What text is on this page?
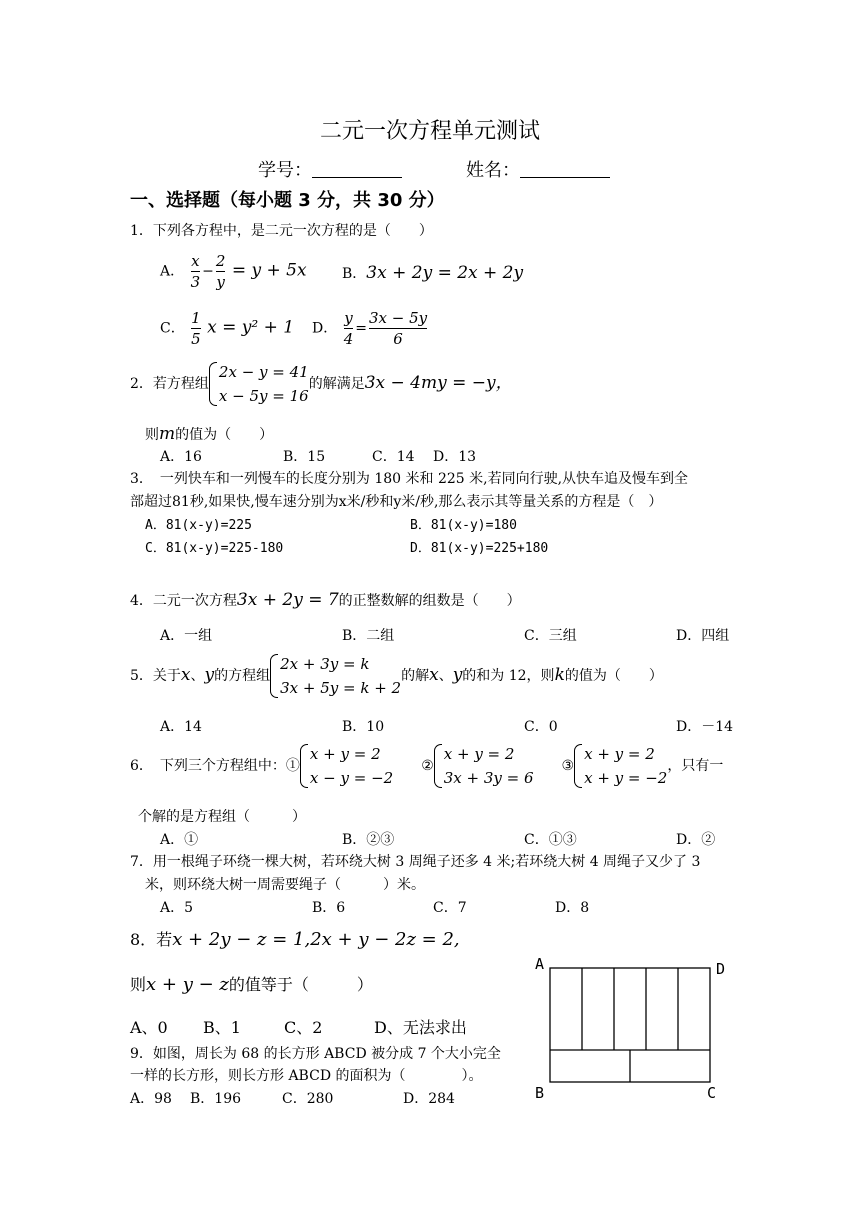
二元一次方程单元测试
学号：	姓名：
一、选择题（每小题 3 分，共 30 分）
1．下列各方程中，是二元一次方程的是（　　）
A． $\frac{x}{3} - \frac{2}{y} = y + 5x$	B．3x + 2y = 2x + 2y
C． $\frac{1}{5}$ x = y² + 1 D． $\frac{y}{4} = \frac{3x - 5y}{6}$
2．若方程组
2x − y = 41
x − 5y = 16
的解满足3x − 4my = −y，
则m的值为（　　）
A．16	B．15	C．14 D．13
3．　一列快车和一列慢车的长度分别为 180 米和 225 米,若同向行驶,从快车追及慢车到全
部超过81秒,如果快,慢车速分别为x米/秒和y米/秒,那么表示其等量关系的方程是（　）
A．81(x-y)=225	B．81(x-y)=180
C．81(x-y)=225-180	D．81(x-y)=225+180
4．二元一次方程3x + 2y = 7的正整数解的组数是（　　）
A．一组	B．二组	C．三组	D．四组
5．关于x、y的方程组
2x + 3y = k
3x + 5y = k + 2
的解x、y的和为 12，则k的值为（　　）
A．14	B．10	C．0	D．－14
6．　下列三个方程组中：①
x + y = 2
x − y = −2
②
x + y = 2
3x + 3y = 6
③
x + y = 2
x + y = −2
，只有一
个解的是方程组（　　　）
A．①	B．②③	C．①③	D．②
7．用一根绳子环绕一棵大树，若环绕大树 3 周绳子还多 4 米;若环绕大树 4 周绳子又少了 3
米，则环绕大树一周需要绳子（　　　）米。
A．5	B．6	C．7	D．8
8．若x + 2y − z = 1,2x + y − 2z = 2,
则x + y − z的值等于（　　　）
A、0 B、1	C、2	D、无法求出
9．如图，周长为 68 的长方形 ABCD 被分成 7 个大小完全
一样的长方形，则长方形 ABCD 的面积为（　　　　）。
A．98 B．196	C．280	D．284
A	D
B	C
